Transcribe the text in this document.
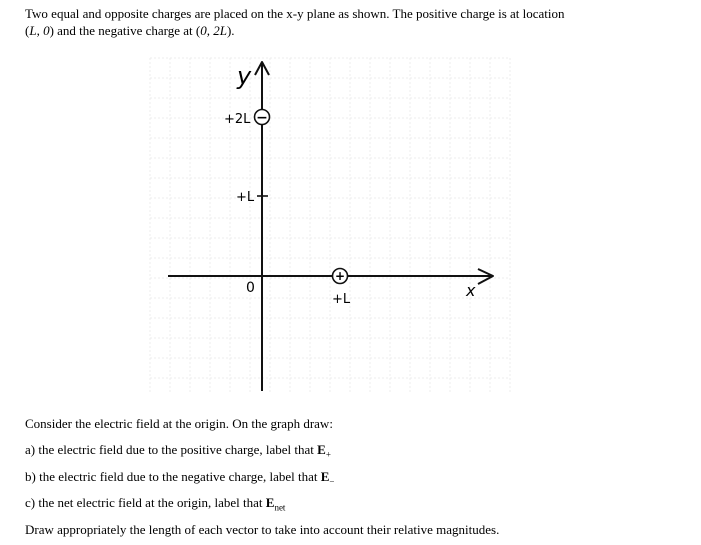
Two equal and opposite charges are placed on the x-y plane as shown. The positive charge is at location
(L, 0) and the negative charge at (0, 2L).
y
x
+2L
+L
+L
0
−
+
Consider the electric field at the origin. On the graph draw:
a) the electric field due to the positive charge, label that $E_+$
b) the electric field due to the negative charge, label that $E_-$
c) the net electric field at the origin, label that $E_{net}$
Draw appropriately the length of each vector to take into account their relative magnitudes.
